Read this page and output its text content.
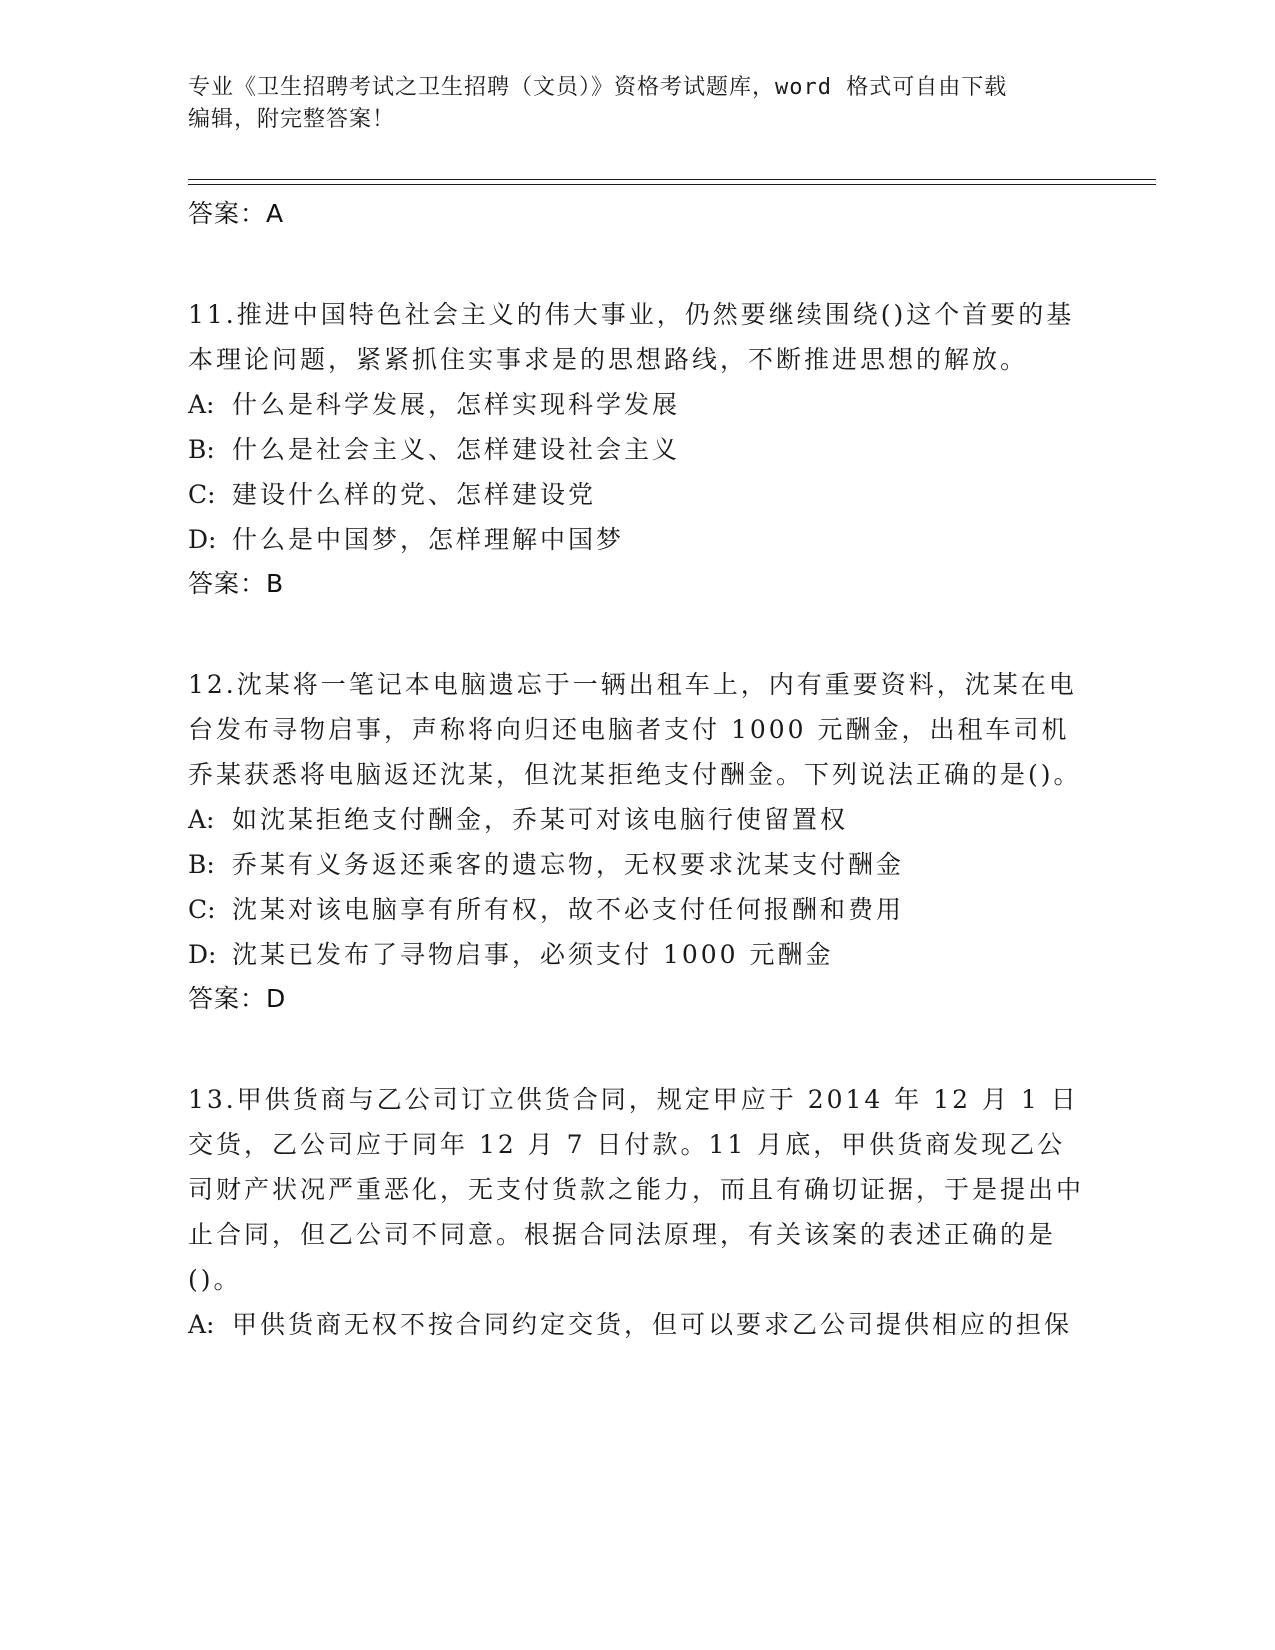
专业《卫生招聘考试之卫生招聘（文员）》资格考试题库，word 格式可自由下载
编辑，附完整答案！
答案：A
11.推进中国特色社会主义的伟大事业，仍然要继续围绕()这个首要的基本理论问题，紧紧抓住实事求是的思想路线，不断推进思想的解放。
A: 什么是科学发展，怎样实现科学发展
B: 什么是社会主义、怎样建设社会主义
C: 建设什么样的党、怎样建设党
D: 什么是中国梦，怎样理解中国梦
答案：B
12.沈某将一笔记本电脑遗忘于一辆出租车上，内有重要资料，沈某在电台发布寻物启事，声称将向归还电脑者支付 1000 元酬金，出租车司机乔某获悉将电脑返还沈某，但沈某拒绝支付酬金。下列说法正确的是()。
A: 如沈某拒绝支付酬金，乔某可对该电脑行使留置权
B: 乔某有义务返还乘客的遗忘物，无权要求沈某支付酬金
C: 沈某对该电脑享有所有权，故不必支付任何报酬和费用
D: 沈某已发布了寻物启事，必须支付 1000 元酬金
答案：D
13.甲供货商与乙公司订立供货合同，规定甲应于 2014 年 12 月 1 日交货，乙公司应于同年 12 月 7 日付款。11 月底，甲供货商发现乙公司财产状况严重恶化，无支付货款之能力，而且有确切证据，于是提出中止合同，但乙公司不同意。根据合同法原理，有关该案的表述正确的是()。
A: 甲供货商无权不按合同约定交货，但可以要求乙公司提供相应的担保
